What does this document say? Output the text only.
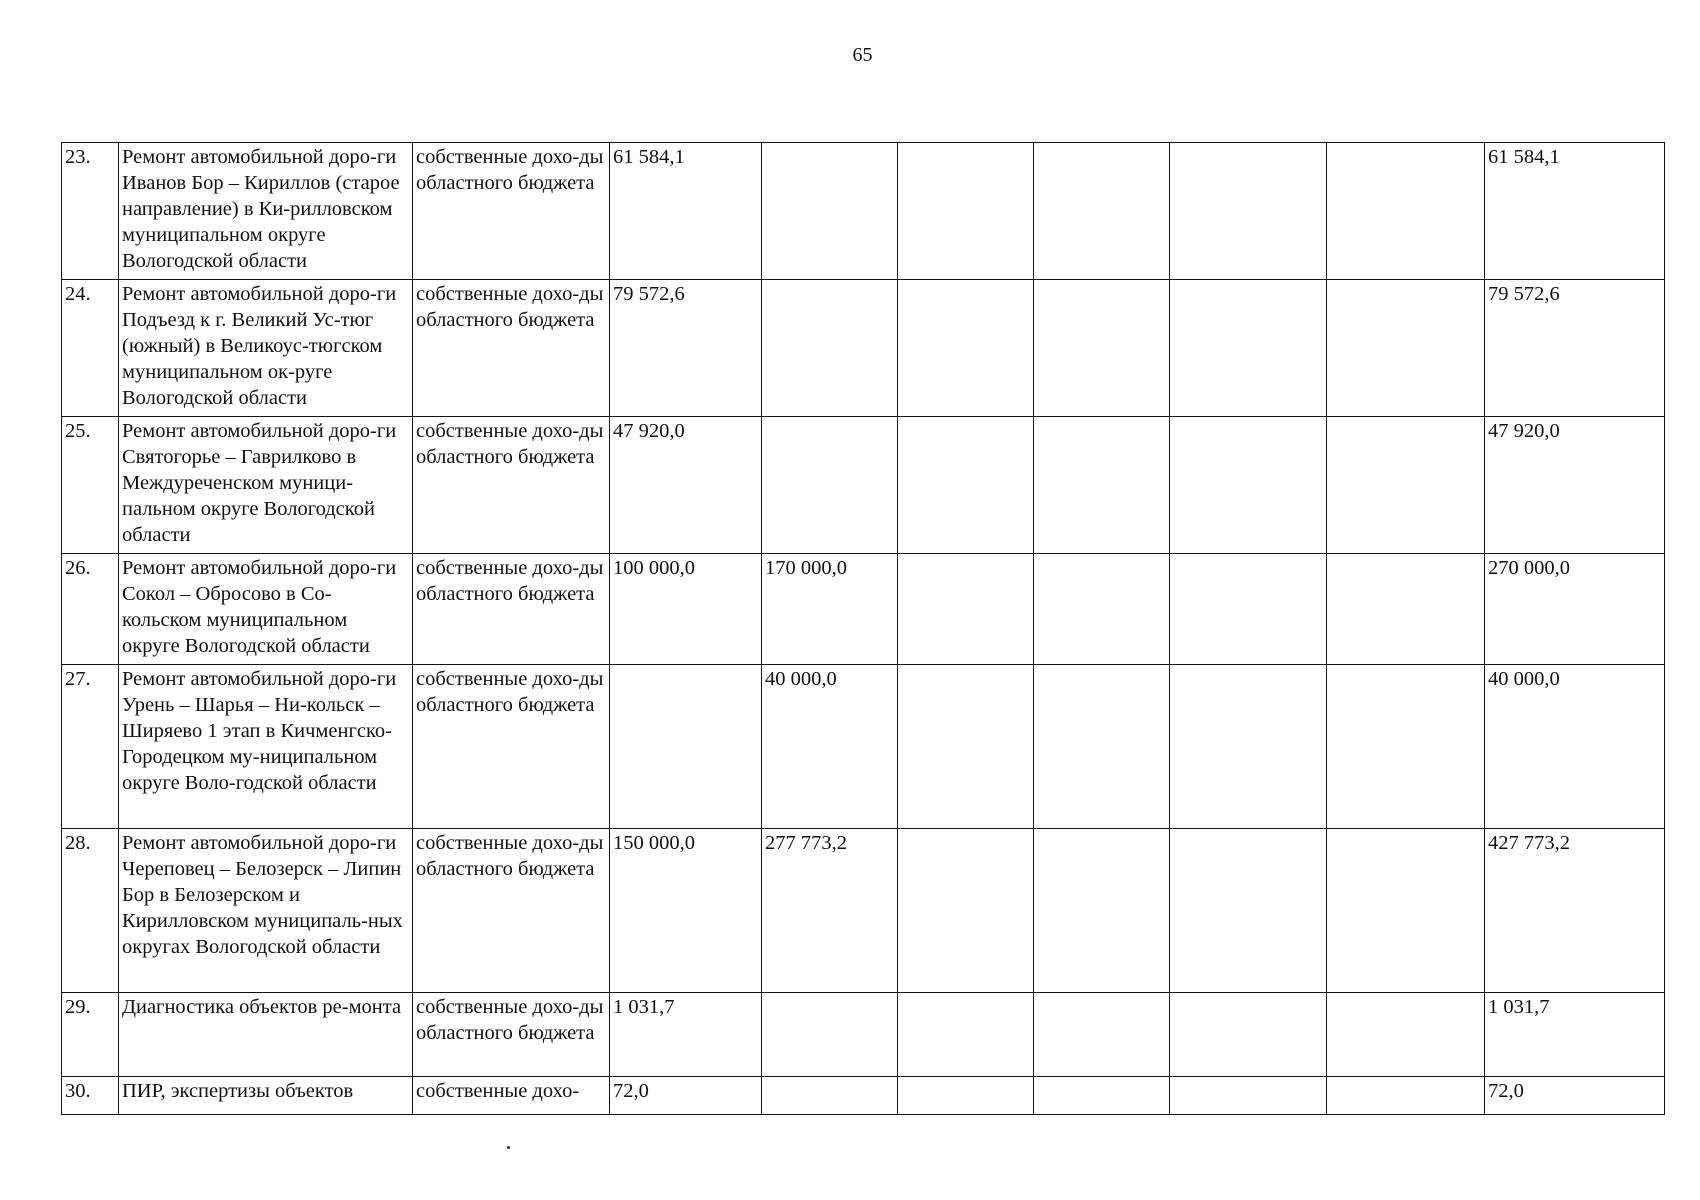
65
23.	Ремонт автомобильной доро-ги Иванов Бор – Кириллов (старое направление) в Ки-рилловском муниципальном округе Вологодской области	собственные дохо-ды областного бюджета	61 584,1						61 584,1
24.	Ремонт автомобильной доро-ги Подъезд к г. Великий Ус-тюг (южный) в Великоус-тюгском муниципальном ок-руге Вологодской области	собственные дохо-ды областного бюджета	79 572,6						79 572,6
25.	Ремонт автомобильной доро-ги Святогорье – Гаврилково в Междуреченском муници-пальном округе Вологодской области	собственные дохо-ды областного бюджета	47 920,0						47 920,0
26.	Ремонт автомобильной доро-ги Сокол – Обросово в Со-кольском муниципальном округе Вологодской области	собственные дохо-ды областного бюджета	100 000,0	170 000,0					270 000,0
27.	Ремонт автомобильной доро-ги Урень – Шарья – Ни-кольск – Ширяево 1 этап в Кичменгско-Городецком му-ниципальном округе Воло-годской области	собственные дохо-ды областного бюджета		40 000,0					40 000,0
28.	Ремонт автомобильной доро-ги Череповец – Белозерск – Липин Бор в Белозерском и Кирилловском муниципаль-ных округах Вологодской области	собственные дохо-ды областного бюджета	150 000,0	277 773,2					427 773,2
29.	Диагностика объектов ре-монта	собственные дохо-ды областного бюджета	1 031,7						1 031,7
30.	ПИР, экспертизы объектов	собственные дохо-	72,0						72,0
